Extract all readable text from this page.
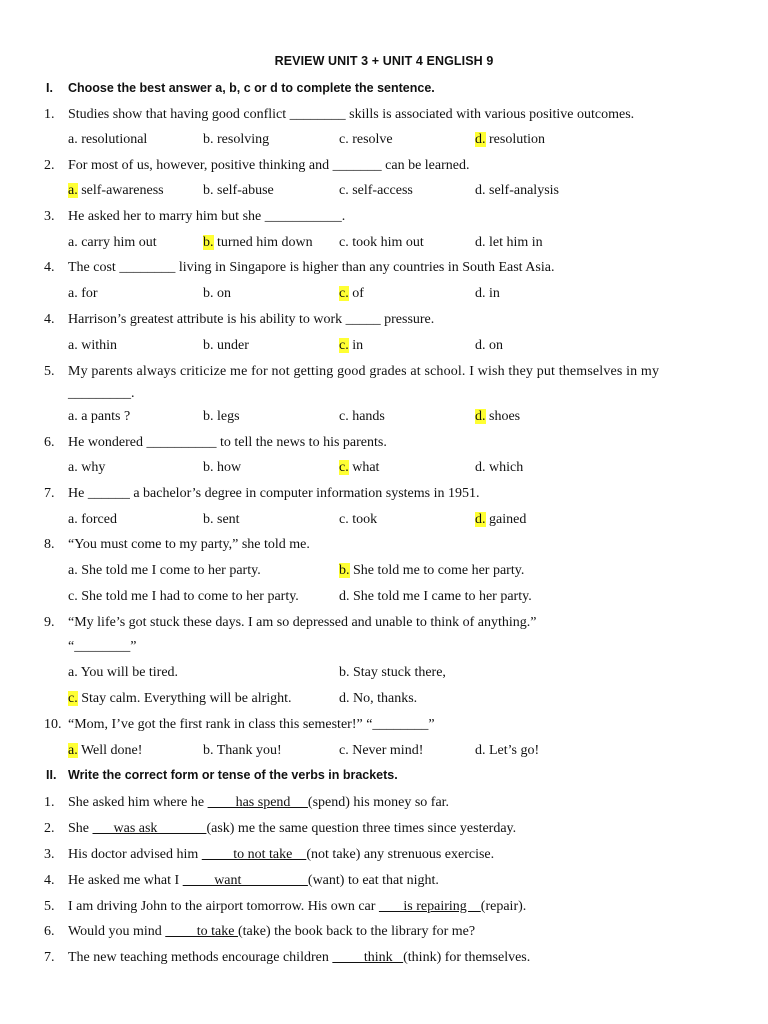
REVIEW UNIT 3 + UNIT 4 ENGLISH 9
I. Choose the best answer a, b, c or d to complete the sentence.
1. Studies show that having good conflict ________ skills is associated with various positive outcomes.
a. resolutional	b. resolving	c. resolve	d. resolution
2. For most of us, however, positive thinking and _______ can be learned.
a. self-awareness	b. self-abuse	c. self-access	d. self-analysis
3. He asked her to marry him but she ___________.
a. carry him out	b. turned him down c. took him out	d. let him in
4. The cost ________ living in Singapore is higher than any countries in South East Asia.
a. for	b. on	c. of	d. in
4. Harrison’s greatest attribute is his ability to work _____ pressure.
a. within	b. under	c. in	d. on
5. My parents always criticize me for not getting good grades at school. I wish they put themselves in my
_________.
a. a pants ?	b. legs	c. hands	d. shoes
6. He wondered __________ to tell the news to his parents.
a. why	b. how	c. what	d. which
7. He ______ a bachelor’s degree in computer information systems in 1951.
a. forced	b. sent	c. took	d. gained
8. “You must come to my party,” she told me.
a. She told me I come to her party.	b. She told me to come her party.
c. She told me I had to come to her party.	d. She told me I came to her party.
9. “My life’s got stuck these days. I am so depressed and unable to think of anything.”
“________”
a. You will be tired.	b. Stay stuck there,
c. Stay calm. Everything will be alright.	d. No, thanks.
10. “Mom, I’ve got the first rank in class this semester!” “________”
a. Well done!	b. Thank you!	c. Never mind!	d. Let’s go!
II. Write the correct form or tense of the verbs in brackets.
1. She asked him where he         has spend     (spend) his money so far.
2. She       was ask              (ask) me the same question three times since yesterday.
3. His doctor advised him          to not take    (not take) any strenuous exercise.
4. He asked me what I          want                   (want) to eat that night.
5. I am driving John to the airport tomorrow. His own car        is repairing    (repair).
6. Would you mind          to take (take) the book back to the library for me?
7. The new teaching methods encourage children          think   (think) for themselves.
